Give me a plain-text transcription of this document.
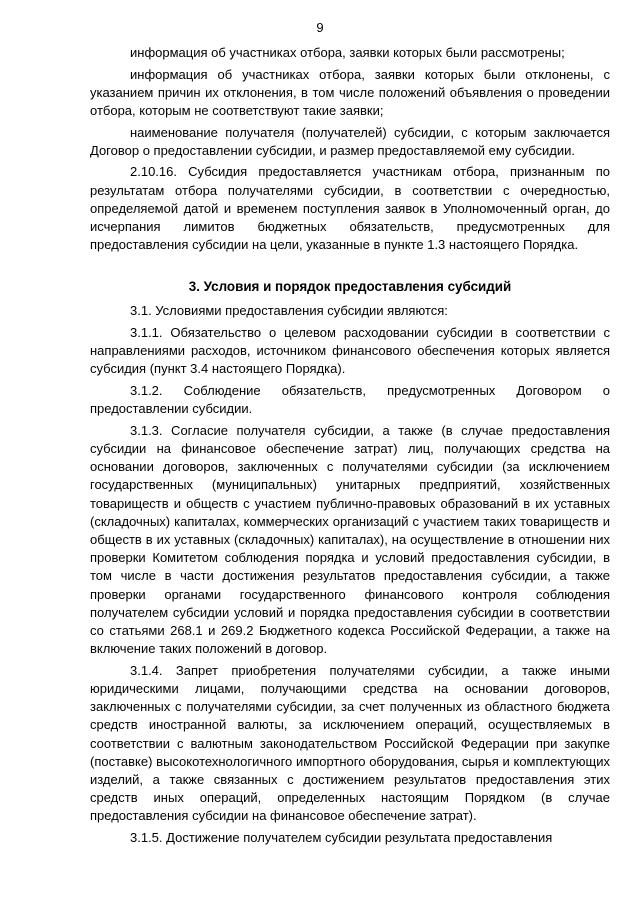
9

информация об участниках отбора, заявки которых были рассмотрены;

информация об участниках отбора, заявки которых были отклонены, с указанием причин их отклонения, в том числе положений объявления о проведении отбора, которым не соответствуют такие заявки;

наименование получателя (получателей) субсидии, с которым заключается Договор о предоставлении субсидии, и размер предоставляемой ему субсидии.

2.10.16. Субсидия предоставляется участникам отбора, признанным по результатам отбора получателями субсидии, в соответствии с очередностью, определяемой датой и временем поступления заявок в Уполномоченный орган, до исчерпания лимитов бюджетных обязательств, предусмотренных для предоставления субсидии на цели, указанные в пункте 1.3 настоящего Порядка.

3. Условия и порядок предоставления субсидий

3.1. Условиями предоставления субсидии являются:

3.1.1. Обязательство о целевом расходовании субсидии в соответствии с направлениями расходов, источником финансового обеспечения которых является субсидия (пункт 3.4 настоящего Порядка).

3.1.2. Соблюдение обязательств, предусмотренных Договором о предоставлении субсидии.

3.1.3. Согласие получателя субсидии, а также (в случае предоставления субсидии на финансовое обеспечение затрат) лиц, получающих средства на основании договоров, заключенных с получателями субсидии (за исключением государственных (муниципальных) унитарных предприятий, хозяйственных товариществ и обществ с участием публично-правовых образований в их уставных (складочных) капиталах, коммерческих организаций с участием таких товариществ и обществ в их уставных (складочных) капиталах), на осуществление в отношении них проверки Комитетом соблюдения порядка и условий предоставления субсидии, в том числе в части достижения результатов предоставления субсидии, а также проверки органами государственного финансового контроля соблюдения получателем субсидии условий и порядка предоставления субсидии в соответствии со статьями 268.1 и 269.2 Бюджетного кодекса Российской Федерации, а также на включение таких положений в договор.

3.1.4. Запрет приобретения получателями субсидии, а также иными юридическими лицами, получающими средства на основании договоров, заключенных с получателями субсидии, за счет полученных из областного бюджета средств иностранной валюты, за исключением операций, осуществляемых в соответствии с валютным законодательством Российской Федерации при закупке (поставке) высокотехнологичного импортного оборудования, сырья и комплектующих изделий, а также связанных с достижением результатов предоставления этих средств иных операций, определенных настоящим Порядком (в случае предоставления субсидии на финансовое обеспечение затрат).

3.1.5. Достижение получателем субсидии результата предоставления
